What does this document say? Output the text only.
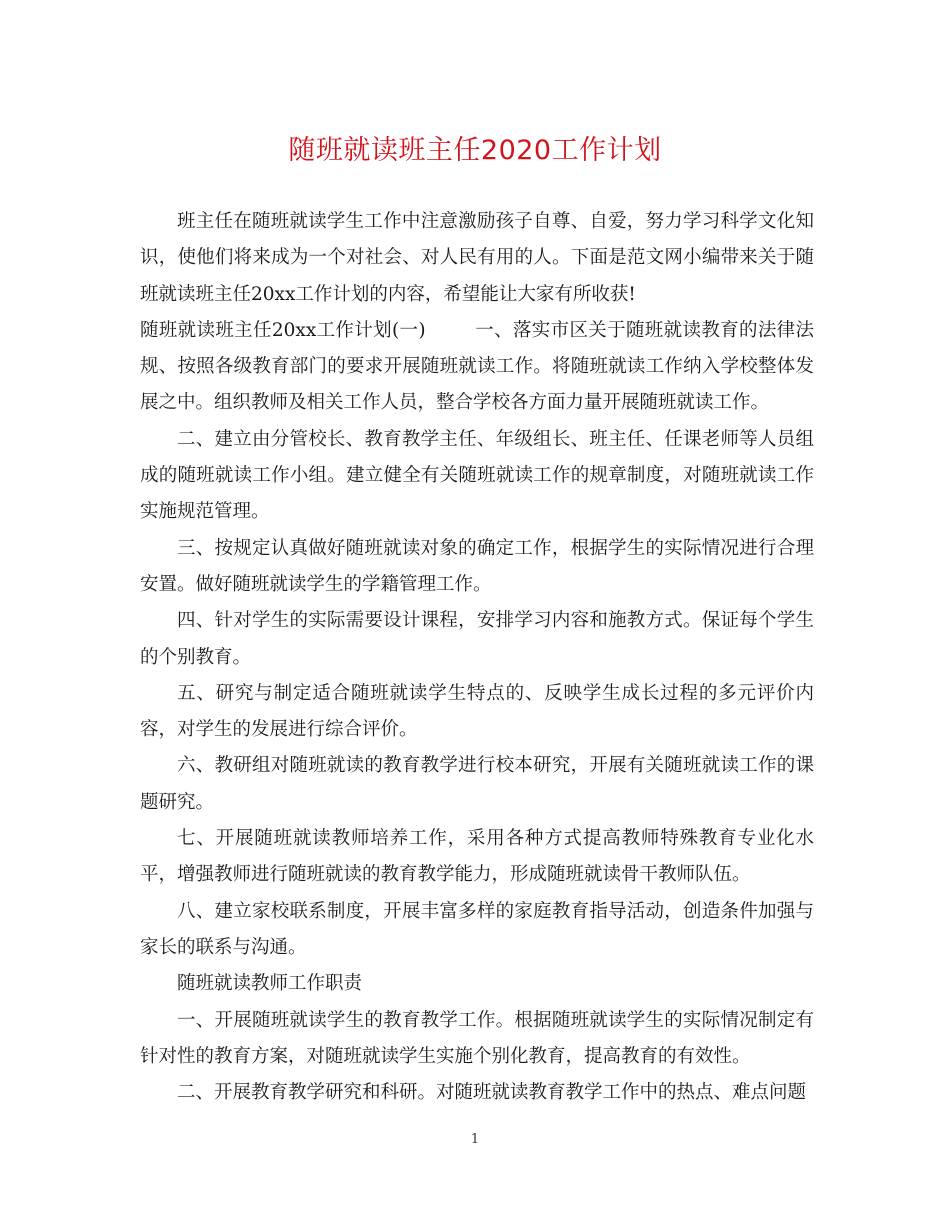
随班就读班主任2020工作计划

班主任在随班就读学生工作中注意激励孩子自尊、自爱，努力学习科学文化知识，使他们将来成为一个对社会、对人民有用的人。下面是范文网小编带来关于随班就读班主任20xx工作计划的内容，希望能让大家有所收获!

随班就读班主任20xx工作计划(一)        一、落实市区关于随班就读教育的法律法规、按照各级教育部门的要求开展随班就读工作。将随班就读工作纳入学校整体发展之中。组织教师及相关工作人员，整合学校各方面力量开展随班就读工作。

二、建立由分管校长、教育教学主任、年级组长、班主任、任课老师等人员组成的随班就读工作小组。建立健全有关随班就读工作的规章制度，对随班就读工作实施规范管理。

三、按规定认真做好随班就读对象的确定工作，根据学生的实际情况进行合理安置。做好随班就读学生的学籍管理工作。

四、针对学生的实际需要设计课程，安排学习内容和施教方式。保证每个学生的个别教育。

五、研究与制定适合随班就读学生特点的、反映学生成长过程的多元评价内容，对学生的发展进行综合评价。

六、教研组对随班就读的教育教学进行校本研究，开展有关随班就读工作的课题研究。

七、开展随班就读教师培养工作，采用各种方式提高教师特殊教育专业化水平，增强教师进行随班就读的教育教学能力，形成随班就读骨干教师队伍。

八、建立家校联系制度，开展丰富多样的家庭教育指导活动，创造条件加强与家长的联系与沟通。

随班就读教师工作职责

一、开展随班就读学生的教育教学工作。根据随班就读学生的实际情况制定有针对性的教育方案，对随班就读学生实施个别化教育，提高教育的有效性。

二、开展教育教学研究和科研。对随班就读教育教学工作中的热点、难点问题

1
